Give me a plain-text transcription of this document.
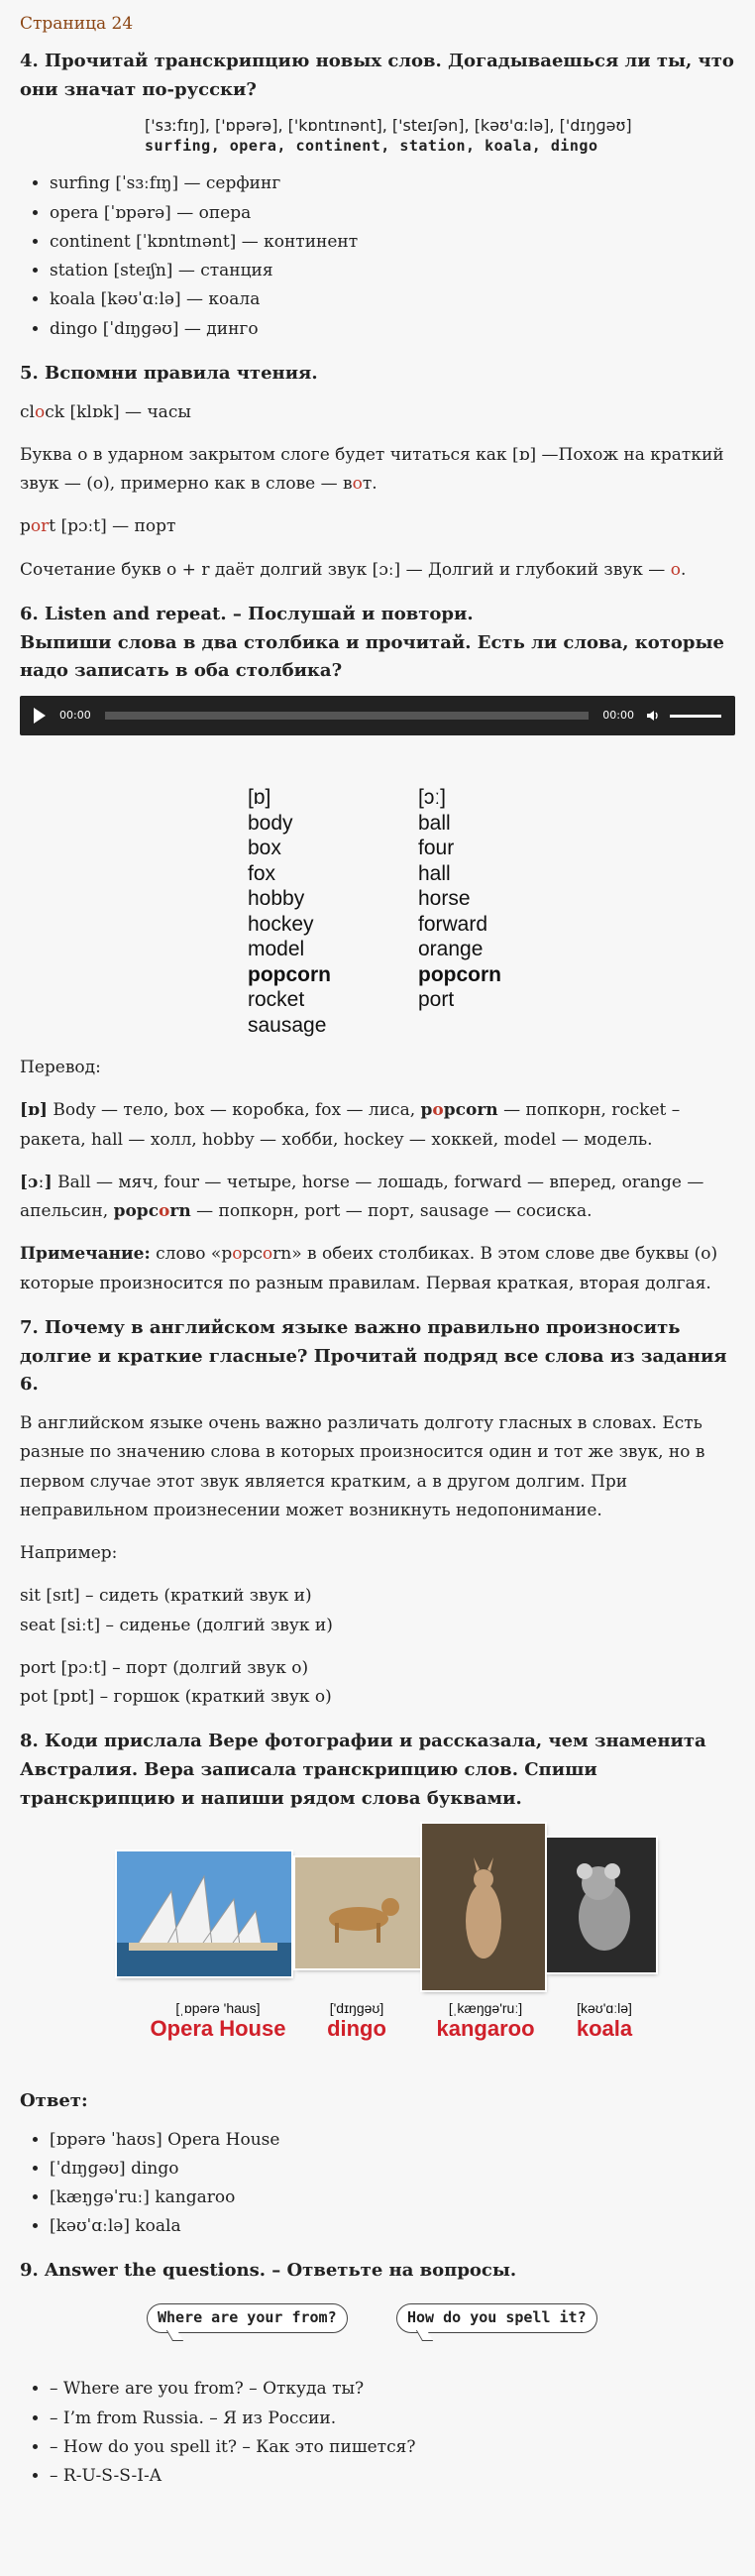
Страница 24
4. Прочитай транскрипцию новых слов. Догадываешься ли ты, что они значат по-русски?
['sɜːfɪŋ], ['ɒpərə], ['kɒntɪnənt], ['steɪʃən], [kəʊ'ɑːlə], ['dɪŋɡəʊ]
surfing, opera, continent, station, koala, dingo
• surfing [ˈsɜːfɪŋ] — серфинг
• opera [ˈɒpərə] — опера
• continent [ˈkɒntɪnənt] — континент
• station [steɪʃn] — станция
• koala [kəʊˈɑːlə] — коала
• dingo [ˈdɪŋgəʊ] — динго
5. Вспомни правила чтения.

clock [klɒk] — часы

Буква о в ударном закрытом слоге будет читаться как [ɒ] —Похож на краткий звук — (о), примерно как в слове — вот.

port [pɔːt] — порт

Сочетание букв o + r даёт долгий звук [ɔː] — Долгий и глубокий звук — о.

6. Listen and repeat. – Послушай и повтори.
Выпиши слова в два столбика и прочитай. Есть ли слова, которые надо записать в оба столбика?
00:00	00:00
[ɒ]
body
box
fox
hobby
hockey
model
popcorn
rocket
sausage
[ɔː]
ball
four
hall
horse
forward
orange
popcorn
port

Перевод:

[ɒ] Body — тело, box — коробка, fox — лиса, popcorn — попкорн, rocket – ракета, hall — холл, hobby — хобби, hockey — хоккей, model — модель.

[ɔː] Ball — мяч, four — четыре, horse — лошадь, forward — вперед, orange — апельсин, popcorn — попкорн, port — порт, sausage — сосиска.

Примечание: слово «popcorn» в обеих столбиках. В этом слове две буквы (о) которые произносится по разным правилам. Первая краткая, вторая долгая.

7. Почему в английском языке важно правильно произносить долгие и краткие гласные? Прочитай подряд все слова из задания 6.

В английском языке очень важно различать долготу гласных в словах. Есть разные по значению слова в которых произносится один и тот же звук, но в первом случае этот звук является кратким, а в другом долгим. При неправильном произнесении может возникнуть недопонимание.

Например:

sit [sɪt] – сидеть (краткий звук и)
seat [siːt] – сиденье (долгий звук и)

port [pɔːt] – порт (долгий звук о)
pot [pɒt] – горшок (краткий звук о)

8. Коди прислала Вере фотографии и рассказала, чем знаменита Австралия. Вера записала транскрипцию слов. Спиши транскрипцию и напиши рядом слова буквами.
[ˌɒpərə 'haus]
Opera House
['dɪŋɡəʊ]
dingo
[ˌkæŋɡə'ruː]
kangaroo
[kəʊ'ɑːlə]
koala
Ответ:
• [ɒpərə ˈhaʊs] Opera House
• [ˈdɪŋgəʊ] dingo
• [kæŋgəˈruː] kangaroo
• [kəʊˈɑːlə] koala
9. Answer the questions. – Ответьте на вопросы.
Where are your from?	How do you spell it?
• – Where are you from? – Откуда ты?
• – I’m from Russia. – Я из России.
• – How do you spell it? – Как это пишется?
• – R-U-S-S-I-A
